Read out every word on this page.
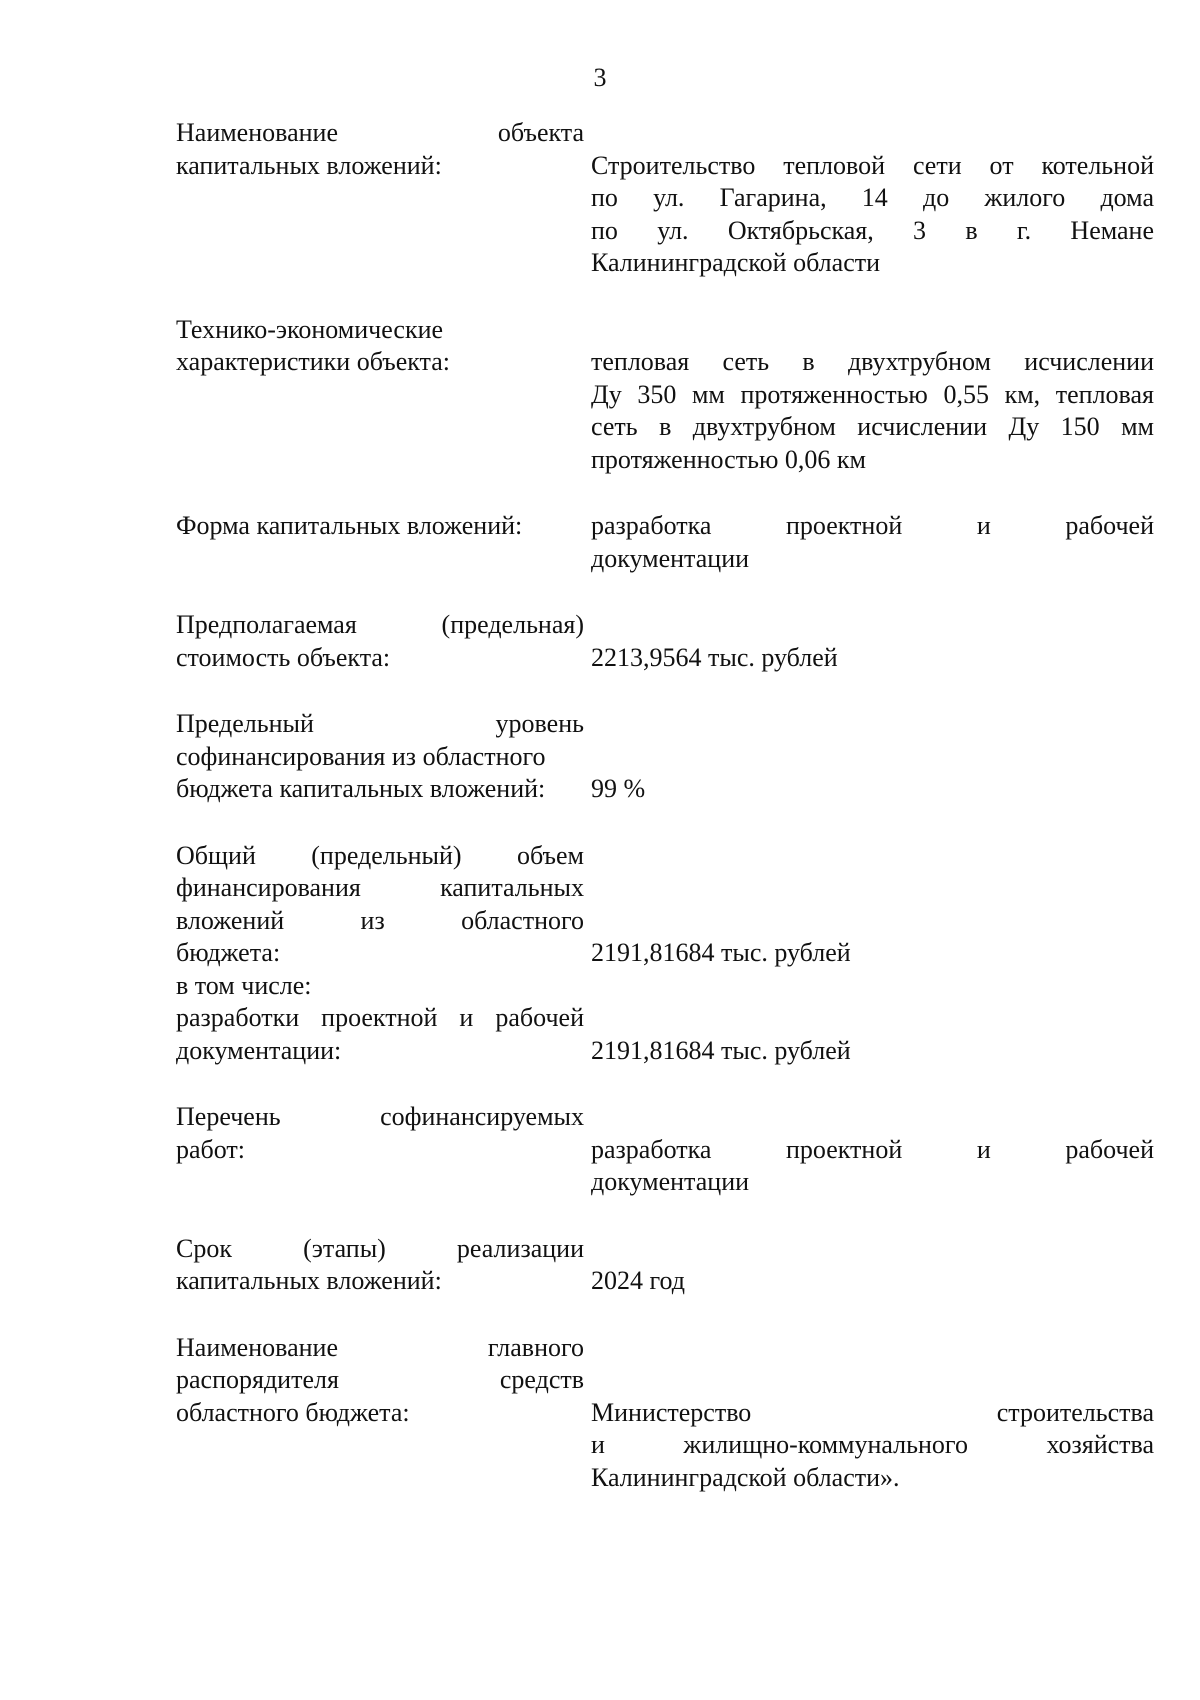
3
Наименование объекта
капитальных вложений:	Строительство тепловой сети от котельной
по ул. Гагарина, 14 до жилого дома
по ул. Октябрьская, 3 в г. Немане
Калининградской области
Технико-экономические
характеристики объекта:	тепловая сеть в двухтрубном исчислении
Ду 350 мм протяженностью 0,55 км, тепловая
сеть в двухтрубном исчислении Ду 150 мм
протяженностью 0,06 км
Форма капитальных вложений:	разработка проектной и рабочей
документации
Предполагаемая (предельная)
стоимость объекта:	2213,9564 тыс. рублей
Предельный уровень
софинансирования из областного
бюджета капитальных вложений:	99 %
Общий (предельный) объем
финансирования капитальных
вложений из областного
бюджета:	2191,81684 тыс. рублей
в том числе:
разработки проектной и рабочей
документации:	2191,81684 тыс. рублей
Перечень софинансируемых
работ:	разработка проектной и рабочей
документации
Срок (этапы) реализации
капитальных вложений:	2024 год
Наименование главного
распорядителя средств
областного бюджета:	Министерство строительства
и жилищно-коммунального хозяйства
Калининградской области».
